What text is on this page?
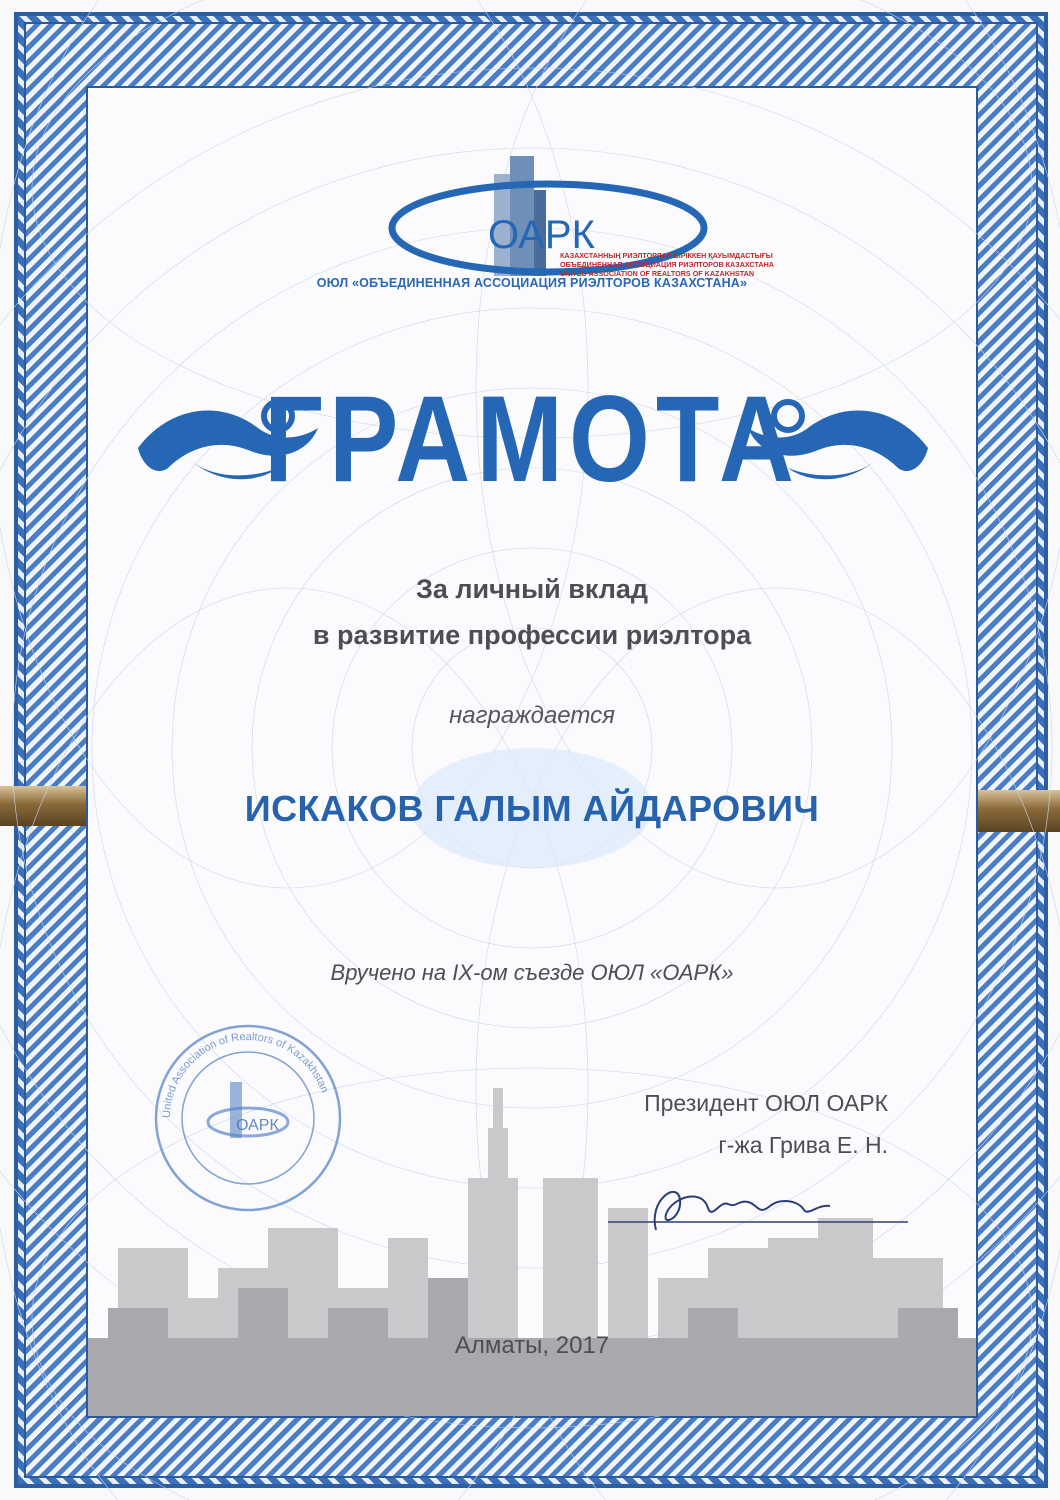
ОАРК
КАЗАХСТАННЫҢ РИЭЛТОРЛАР БІРІККЕН ҚАУЫМДАСТЫҒЫ
ОБЪЕДИНЕННАЯ АССОЦИАЦИЯ РИЭЛТОРОВ КАЗАХСТАНА
UNITED ASSOCIATION OF REALTORS OF KAZAKHSTAN
ОЮЛ «ОБЪЕДИНЕННАЯ АССОЦИАЦИЯ РИЭЛТОРОВ КАЗАХСТАНА»
ГРАМОТА
За личный вклад
в развитие профессии риэлтора
награждается
ИСКАКОВ ГАЛЫМ АЙДАРОВИЧ
Вручено на IX-ом съезде ОЮЛ «ОАРК»
United Association of Realtors of Kazakhstan
ОАРК
Президент ОЮЛ ОАРК
г-жа Грива Е. Н.
Алматы, 2017
